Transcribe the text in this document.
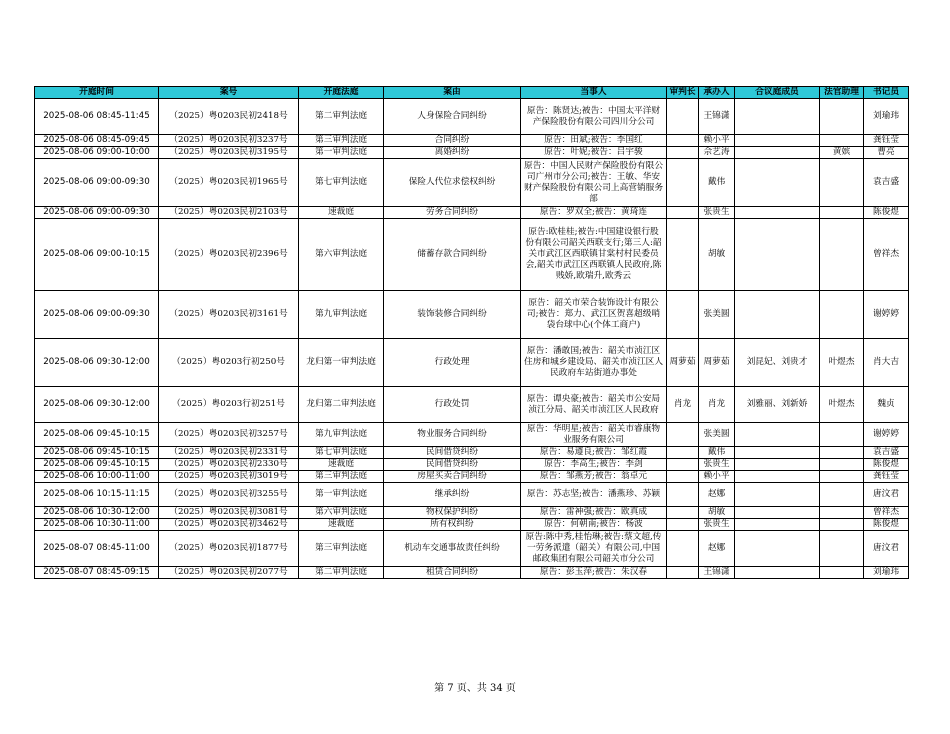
开庭时间	案号	开庭法庭	案由	当事人	审判长	承办人	合议庭成员	法官助理	书记员
2025-08-06 08:45-11:45	（2025）粤0203民初2418号	第二审判法庭	人身保险合同纠纷	原告：陈贤达;被告：中国太平洋财产保险股份有限公司四川分公司		王锦潇			刘瑜玮
2025-08-06 08:45-09:45	（2025）粤0203民初3237号	第三审判法庭	合同纠纷	原告：田斌;被告：李国红		赖小平			龚钰莹
2025-08-06 09:00-10:00	（2025）粤0203民初3195号	第一审判法庭	离婚纠纷	原告：叶妮;被告：吕宇骏		佘艺涛		黄嫔	曹亮
2025-08-06 09:00-09:30	（2025）粤0203民初1965号	第七审判法庭	保险人代位求偿权纠纷	原告：中国人民财产保险股份有限公司广州市分公司;被告：王敏、华安财产保险股份有限公司上高营销服务部		戴伟			袁吉盛
2025-08-06 09:00-09:30	（2025）粤0203民初2103号	速裁庭	劳务合同纠纷	原告：罗双全;被告：黄琦连		张贵生			陈俊煜
2025-08-06 09:00-10:15	（2025）粤0203民初2396号	第六审判法庭	储蓄存款合同纠纷	原告:欧桂桂;被告:中国建设银行股份有限公司韶关西联支行;第三人:韶关市武江区西联镇甘棠村村民委员会,韶关市武江区西联镇人民政府,陈贱娇,欧瑞升,欧秀云		胡敏			曾祥杰
2025-08-06 09:00-09:30	（2025）粤0203民初3161号	第九审判法庭	装饰装修合同纠纷	原告：韶关市荣合装饰设计有限公司;被告：郑力、武江区贺喜超级哨袋台球中心(个体工商户)		张美圆			谢婷婷
2025-08-06 09:30-12:00	（2025）粤0203行初250号	龙归第一审判法庭	行政处理	原告：潘敢国;被告：韶关市浈江区住房和城乡建设局、韶关市浈江区人民政府车站街道办事处	周萝茹	周萝茹	刘昆妃、刘贵才	叶煜杰	肖大吉
2025-08-06 09:30-12:00	（2025）粤0203行初251号	龙归第二审判法庭	行政处罚	原告：谭央豪;被告：韶关市公安局浈江分局、韶关市浈江区人民政府	肖龙	肖龙	刘雅丽、刘新娇	叶煜杰	魏贞
2025-08-06 09:45-10:15	（2025）粤0203民初3257号	第九审判法庭	物业服务合同纠纷	原告：华明星;被告：韶关市睿康物业服务有限公司		张美圆			谢婷婷
2025-08-06 09:45-10:15	（2025）粤0203民初2331号	第七审判法庭	民间借贷纠纷	原告：易遵良;被告：邹红霞		戴伟			袁吉盛
2025-08-06 09:45-10:15	（2025）粤0203民初2330号	速裁庭	民间借贷纠纷	原告：李高生;被告：李剑		张贵生			陈俊煜
2025-08-06 10:00-11:00	（2025）粤0203民初3019号	第三审判法庭	房屋买卖合同纠纷	原告：邹燕芳;被告：翁卓元		赖小平			龚钰莹
2025-08-06 10:15-11:15	（2025）粤0203民初3255号	第一审判法庭	继承纠纷	原告：苏志坚;被告：潘燕珍、苏颖		赵娜			唐汶君
2025-08-06 10:30-12:00	（2025）粤0203民初3081号	第六审判法庭	物权保护纠纷	原告：雷神强;被告：欧真成		胡敏			曾祥杰
2025-08-06 10:30-11:00	（2025）粤0203民初3462号	速裁庭	所有权纠纷	原告：何朝南;被告：杨波		张贵生			陈俊煜
2025-08-07 08:45-11:00	（2025）粤0203民初1877号	第三审判法庭	机动车交通事故责任纠纷	原告:陈中秀,桂怡琳;被告:蔡文超,传一劳务派遣（韶关）有限公司,中国邮政集团有限公司韶关市分公司		赵娜			唐汶君
2025-08-07 08:45-09:15	（2025）粤0203民初2077号	第二审判法庭	租赁合同纠纷	原告：彭玉萍;被告：朱汉春		王锦潇			刘瑜玮
第 7 页、共 34 页
